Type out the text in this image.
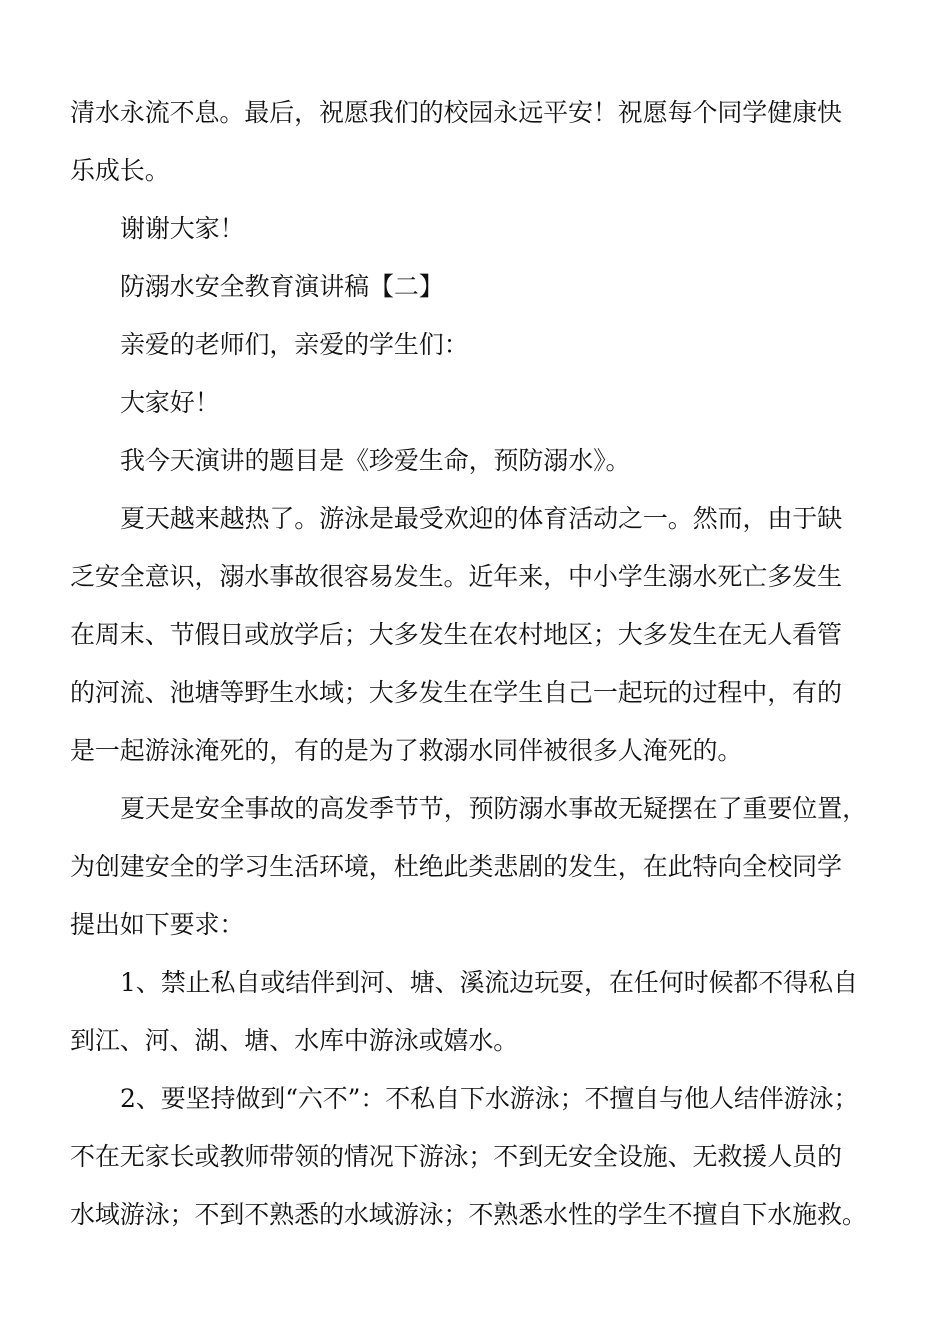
清水永流不息。最后，祝愿我们的校园永远平安！祝愿每个同学健康快

乐成长。

谢谢大家！

防溺水安全教育演讲稿【二】

亲爱的老师们，亲爱的学生们：

大家好！

我今天演讲的题目是《珍爱生命，预防溺水》。

夏天越来越热了。游泳是最受欢迎的体育活动之一。然而，由于缺

乏安全意识，溺水事故很容易发生。近年来，中小学生溺水死亡多发生

在周末、节假日或放学后；大多发生在农村地区；大多发生在无人看管

的河流、池塘等野生水域；大多发生在学生自己一起玩的过程中，有的

是一起游泳淹死的，有的是为了救溺水同伴被很多人淹死的。

夏天是安全事故的高发季节节，预防溺水事故无疑摆在了重要位置，

为创建安全的学习生活环境，杜绝此类悲剧的发生，在此特向全校同学

提出如下要求：

1、禁止私自或结伴到河、塘、溪流边玩耍，在任何时候都不得私自

到江、河、湖、塘、水库中游泳或嬉水。

2、要坚持做到“六不”：不私自下水游泳；不擅自与他人结伴游泳；

不在无家长或教师带领的情况下游泳；不到无安全设施、无救援人员的

水域游泳；不到不熟悉的水域游泳；不熟悉水性的学生不擅自下水施救。
